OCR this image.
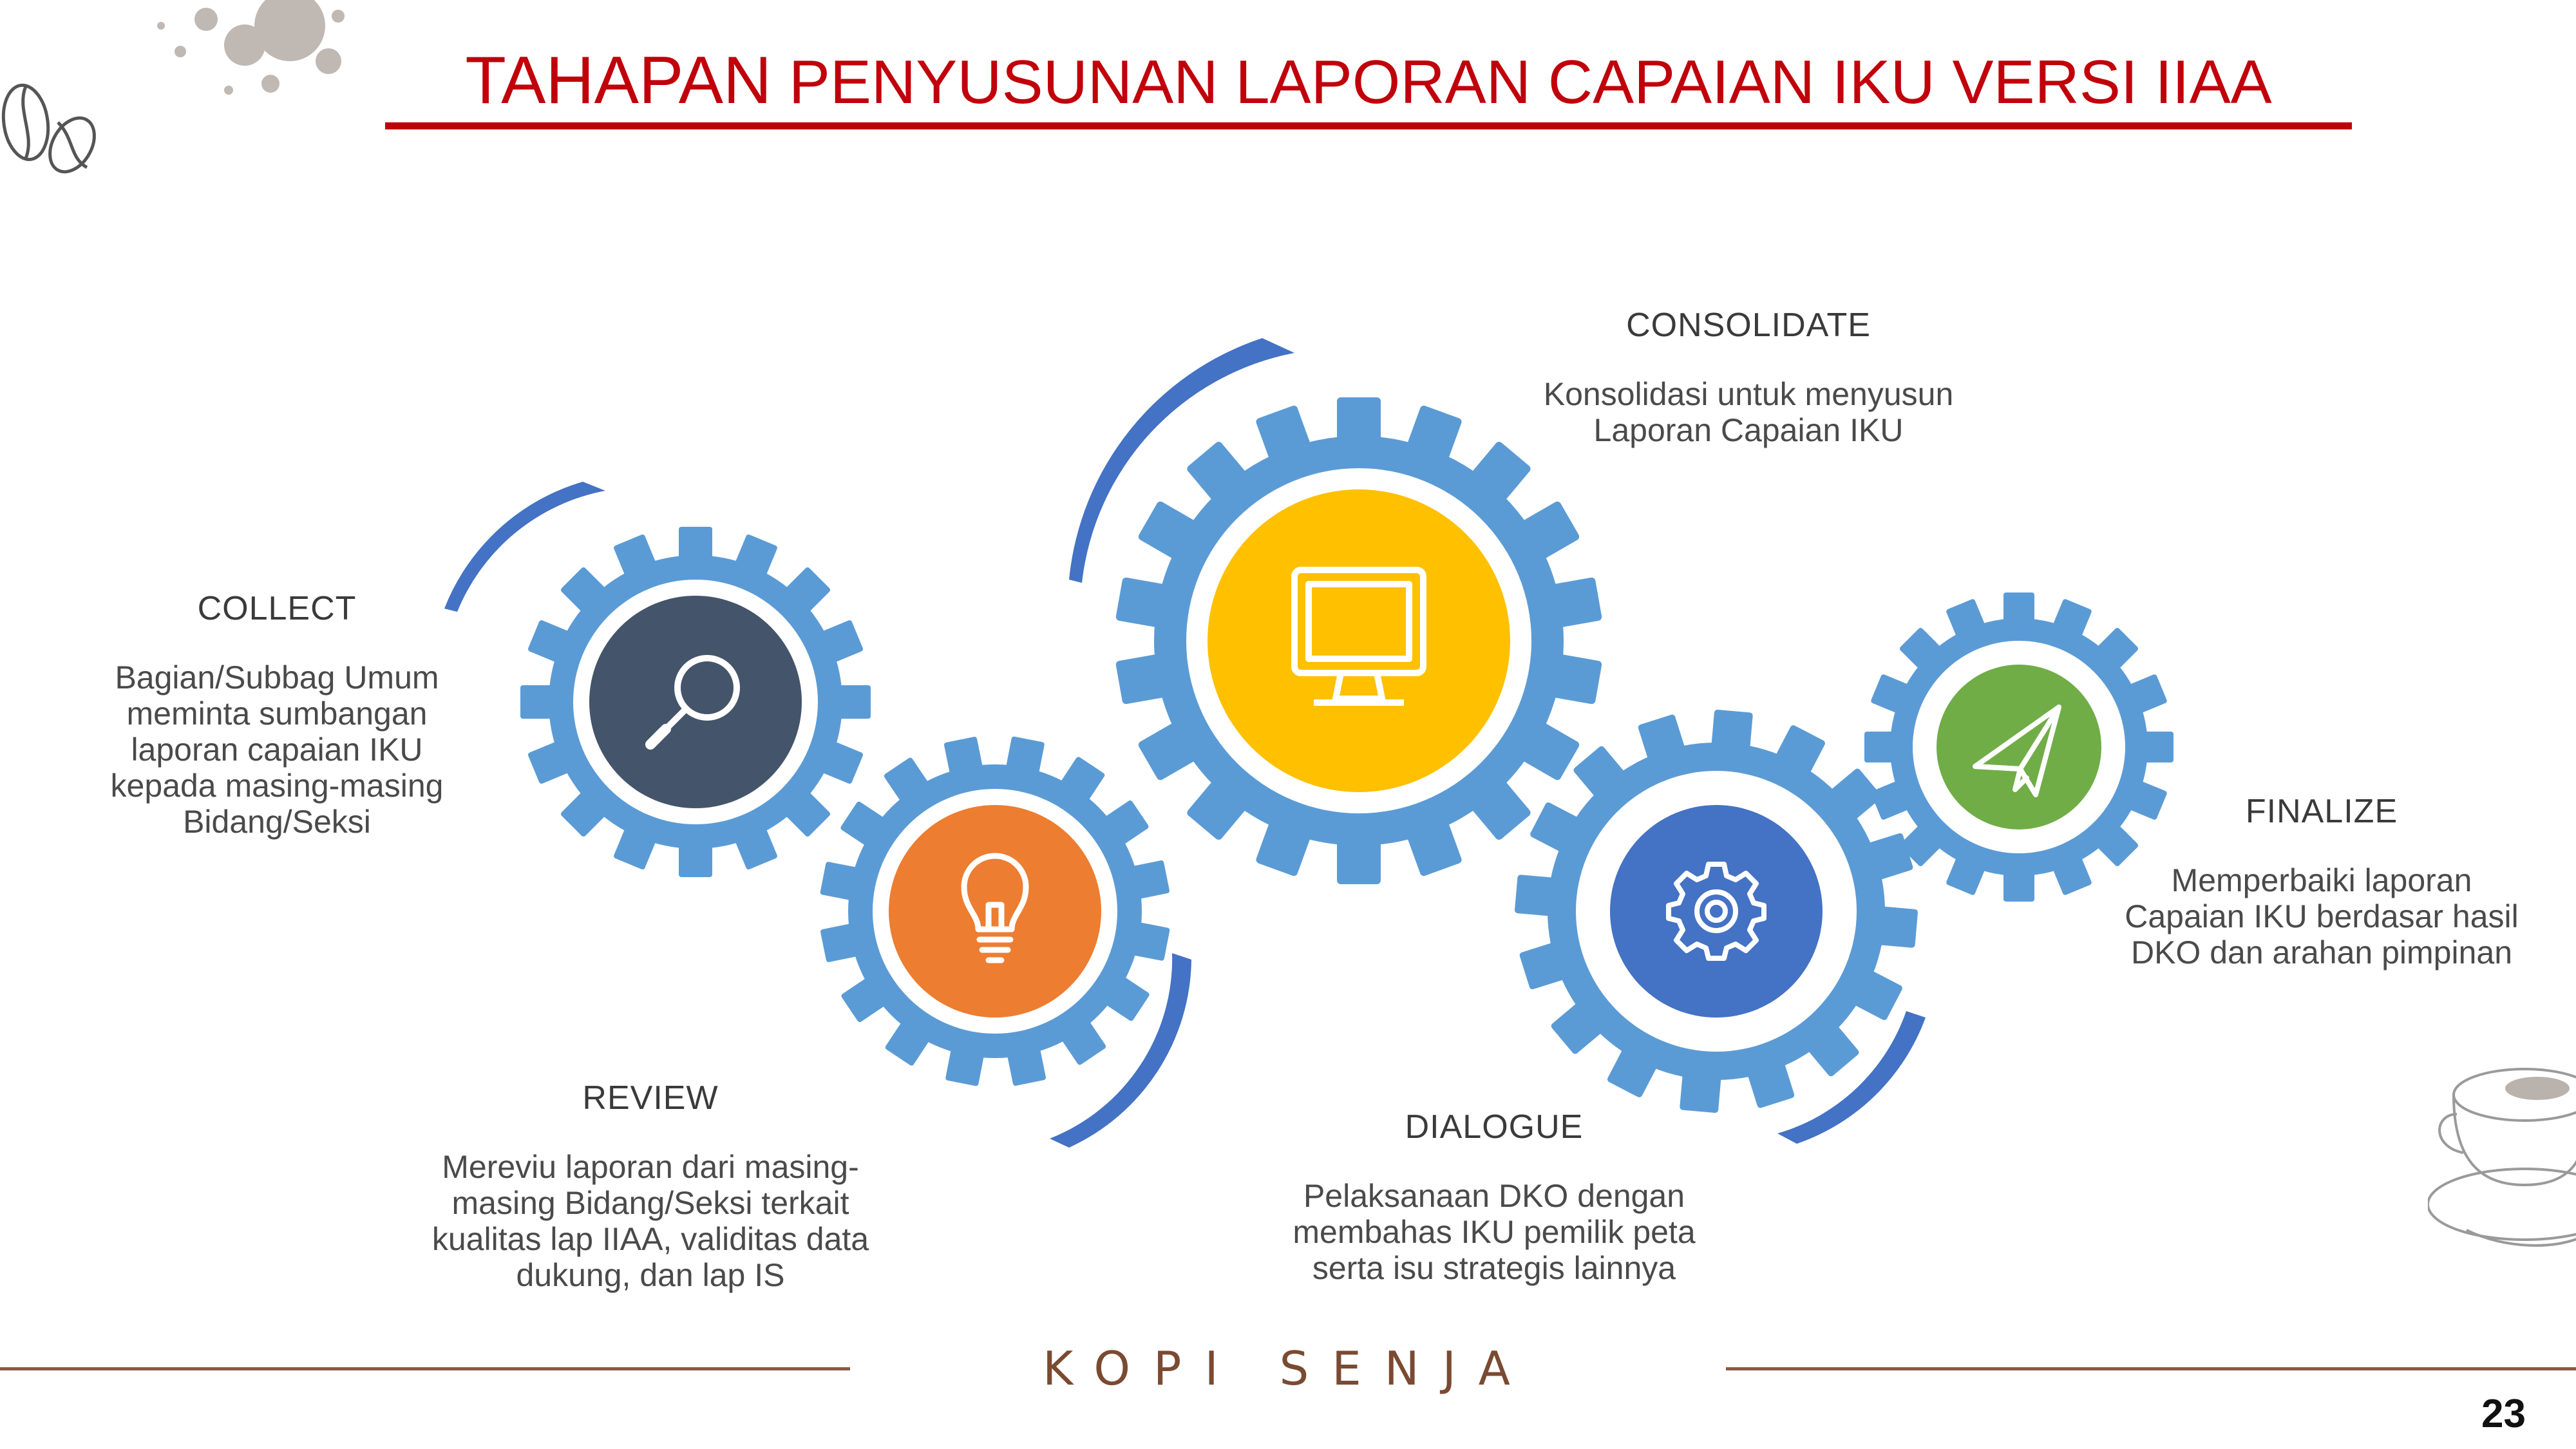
TAHAPAN PENYUSUNAN LAPORAN CAPAIAN IKU VERSI IIAA
COLLECT
Bagian/Subbag Umum meminta sumbangan laporan capaian IKU kepada masing-masing Bidang/Seksi
REVIEW
Mereviu laporan dari masing-masing Bidang/Seksi terkait kualitas lap IIAA, validitas data dukung, dan lap IS
CONSOLIDATE
Konsolidasi untuk menyusun Laporan Capaian IKU
DIALOGUE
Pelaksanaan DKO dengan membahas IKU pemilik peta serta isu strategis lainnya
FINALIZE
Memperbaiki laporan Capaian IKU berdasar hasil DKO dan arahan pimpinan
KOPI SENJA
23
